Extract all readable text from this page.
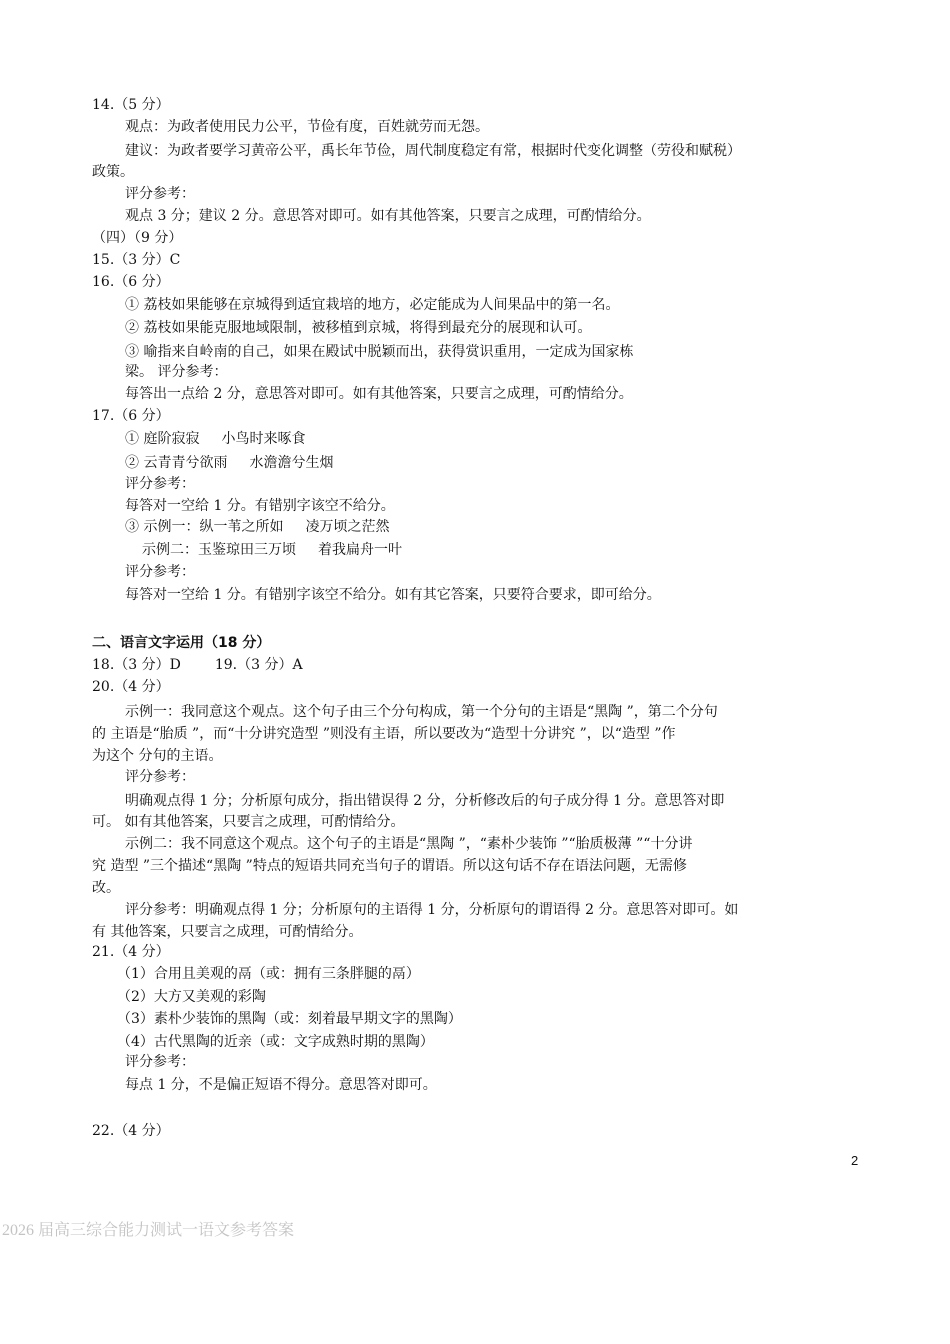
14.（5 分）
观点：为政者使用民力公平，节俭有度，百姓就劳而无怨。
建议：为政者要学习黄帝公平，禹长年节俭，周代制度稳定有常，根据时代变化调整（劳役和赋税）
政策。
评分参考：
观点 3 分；建议 2 分。意思答对即可。如有其他答案，只要言之成理，可酌情给分。
（四）（9 分）
15.（3 分）C
16.（6 分）
① 荔枝如果能够在京城得到适宜栽培的地方，必定能成为人间果品中的第一名。
② 荔枝如果能克服地域限制，被移植到京城，将得到最充分的展现和认可。
③ 喻指来自岭南的自己，如果在殿试中脱颖而出，获得赏识重用，一定成为国家栋
梁。 评分参考：
每答出一点给 2 分，意思答对即可。如有其他答案，只要言之成理，可酌情给分。
17.（6 分）
① 庭阶寂寂 小鸟时来啄食
② 云青青兮欲雨 水澹澹兮生烟
评分参考：
每答对一空给 1 分。有错别字该空不给分。
③ 示例一：纵一苇之所如 凌万顷之茫然
示例二：玉鉴琼田三万顷 着我扁舟一叶
评分参考：
每答对一空给 1 分。有错别字该空不给分。如有其它答案，只要符合要求，即可给分。
二、语言文字运用（18 分）
18.（3 分）D 19.（3 分）A
20.（4 分）
示例一：我同意这个观点。这个句子由三个分句构成，第一个分句的主语是“黑陶 ”，第二个分句
的 主语是“胎质 ”，而“十分讲究造型 ”则没有主语，所以要改为“造型十分讲究 ”，以“造型 ”作
为这个 分句的主语。
评分参考：
明确观点得 1 分；分析原句成分，指出错误得 2 分，分析修改后的句子成分得 1 分。意思答对即
可。 如有其他答案，只要言之成理，可酌情给分。
示例二：我不同意这个观点。这个句子的主语是“黑陶 ”，“素朴少装饰 ”“胎质极薄 ”“十分讲
究 造型 ”三个描述“黑陶 ”特点的短语共同充当句子的谓语。所以这句话不存在语法问题，无需修
改。
评分参考：明确观点得 1 分；分析原句的主语得 1 分，分析原句的谓语得 2 分。意思答对即可。如
有 其他答案，只要言之成理，可酌情给分。
21.（4 分）
（1）合用且美观的鬲（或：拥有三条胖腿的鬲）
（2）大方又美观的彩陶
（3）素朴少装饰的黑陶（或：刻着最早期文字的黑陶）
（4）古代黑陶的近亲（或：文字成熟时期的黑陶）
评分参考：
每点 1 分，不是偏正短语不得分。意思答对即可。
22.（4 分）
2
2026 届高三综合能力测试一语文参考答案
